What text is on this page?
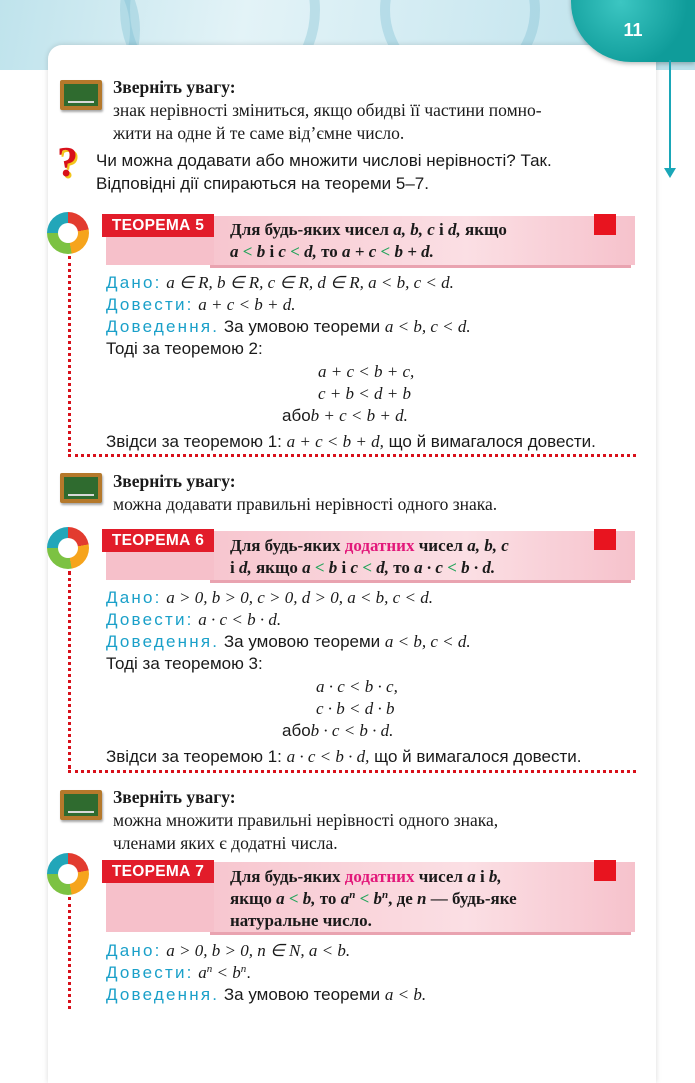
11
Зверніть увагу:
знак нерівності зміниться, якщо обидві її частини помно-
жити на одне й те саме від’ємне число.
? Чи можна додавати або множити числові нерівності? Так.
Відповідні дії спираються на теореми 5–7.
ТЕОРЕМА 5	Для будь-яких чисел a, b, c і d, якщо
a < b і c < d, то a + c < b + d.
Дано: a ∈ R, b ∈ R, c ∈ R, d ∈ R, a < b, c < d.
Довести: a + c < b + d.
Доведення. За умовою теореми a < b, c < d.
Тоді за теоремою 2:
a + c < b + c,
c + b < d + b
абоb + c < b + d.
Звідси за теоремою 1: a + c < b + d, що й вимагалося довести.
Зверніть увагу:
можна додавати правильні нерівності одного знака.
ТЕОРЕМА 6	Для будь-яких додатних чисел a, b, c
і d, якщо a < b і c < d, то a · c < b · d.
Дано: a > 0, b > 0, c > 0, d > 0, a < b, c < d.
Довести: a · c < b · d.
Доведення. За умовою теореми a < b, c < d.
Тоді за теоремою 3:
a · c < b · c,
c · b < d · b
абоb · c < b · d.
Звідси за теоремою 1: a · c < b · d, що й вимагалося довести.
Зверніть увагу:
можна множити правильні нерівності одного знака,
членами яких є додатні числа.
ТЕОРЕМА 7	Для будь-яких додатних чисел a і b,
якщо a < b, то $a^n < b^n$, де n — будь-яке
натуральне число.
Дано: a > 0, b > 0, n ∈ N, a < b.
Довести: $a^n < b^n$.
Доведення. За умовою теореми a < b.
